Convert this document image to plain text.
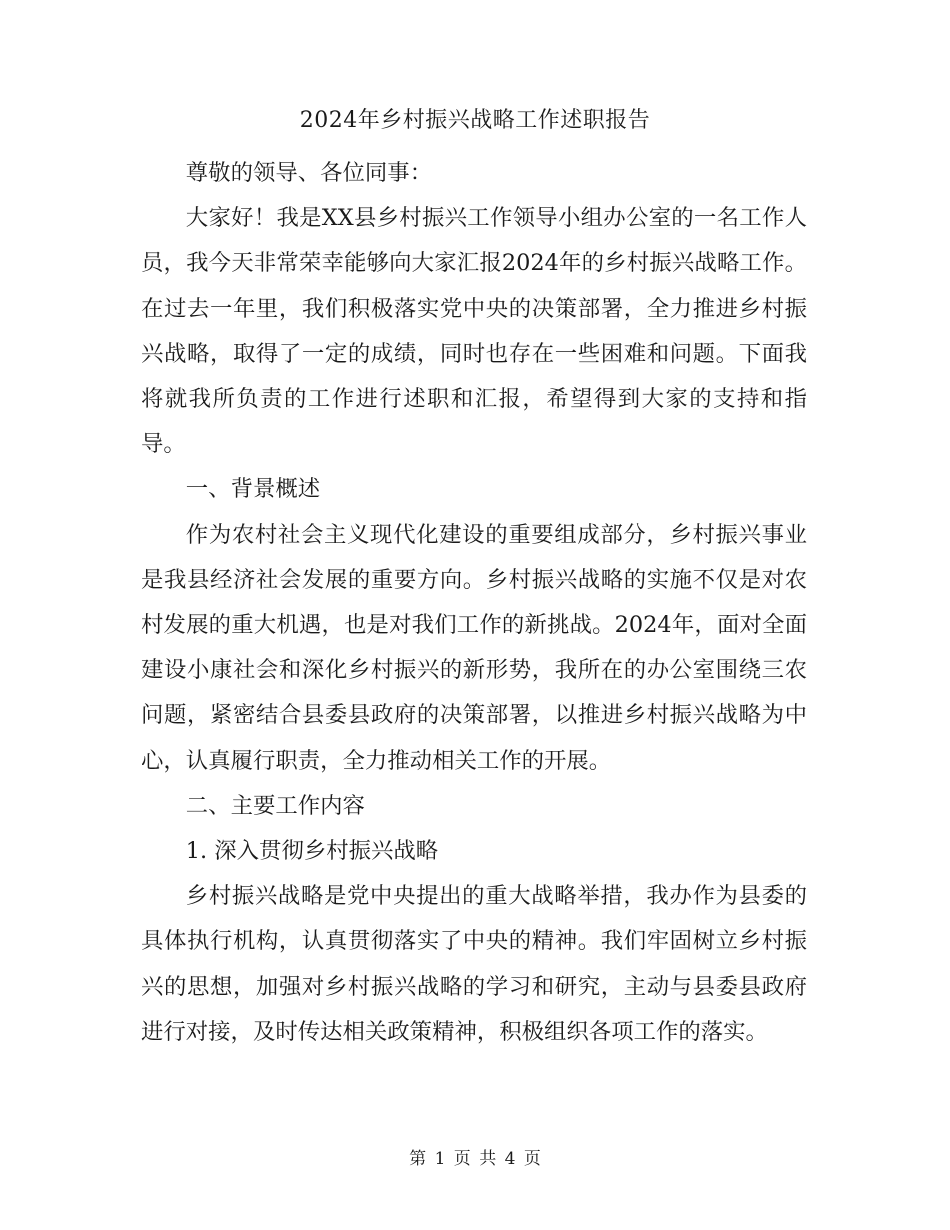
2024年乡村振兴战略工作述职报告

尊敬的领导、各位同事：

大家好！我是XX县乡村振兴工作领导小组办公室的一名工作人员，我今天非常荣幸能够向大家汇报2024年的乡村振兴战略工作。在过去一年里，我们积极落实党中央的决策部署，全力推进乡村振兴战略，取得了一定的成绩，同时也存在一些困难和问题。下面我将就我所负责的工作进行述职和汇报，希望得到大家的支持和指导。

一、背景概述

作为农村社会主义现代化建设的重要组成部分，乡村振兴事业是我县经济社会发展的重要方向。乡村振兴战略的实施不仅是对农村发展的重大机遇，也是对我们工作的新挑战。2024年，面对全面建设小康社会和深化乡村振兴的新形势，我所在的办公室围绕三农问题，紧密结合县委县政府的决策部署，以推进乡村振兴战略为中心，认真履行职责，全力推动相关工作的开展。

二、主要工作内容

1. 深入贯彻乡村振兴战略

乡村振兴战略是党中央提出的重大战略举措，我办作为县委的具体执行机构，认真贯彻落实了中央的精神。我们牢固树立乡村振兴的思想，加强对乡村振兴战略的学习和研究，主动与县委县政府进行对接，及时传达相关政策精神，积极组织各项工作的落实。

第 1 页 共 4 页
